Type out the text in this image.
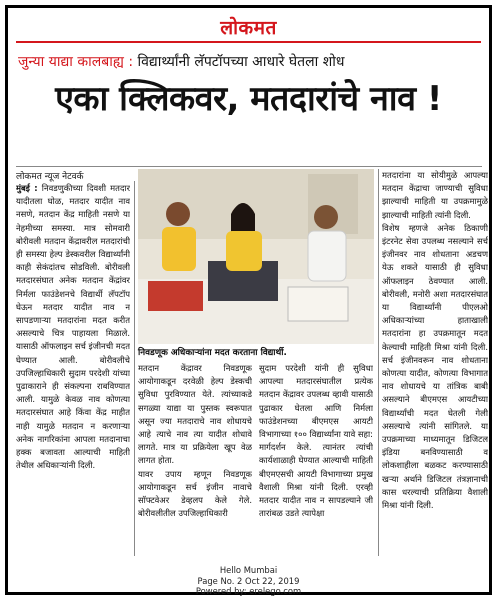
लोकमत
जुन्या याद्या कालबाह्य : विद्यार्थ्यांनी लॅपटॉपच्या आधारे घेतला शोध
एका क्लिकवर, मतदारांचे नाव !
लोकमत न्यूज नेटवर्क
मुंबई : निवडणुकीच्या दिवशी मतदार यादीतला घोळ, मतदार यादीत नाव नसणे, मतदान केंद्र माहिती नसणे या नेहमीच्या समस्या. मात्र सोमवारी बोरीवली मतदान केंद्रावरील मतदारांची ही समस्या हेल्प डेस्कवरील विद्यार्थ्यांनी काही सेकंदांतच सोडविली. बोरीवली मतदारसंघात अनेक मतदान केंद्रांवर निर्मला फाउंडेशनचे विद्यार्थी लॅपटॉप घेऊन मतदार यादीत नाव न सापडणाऱ्या मतदारांना मदत करीत असल्याचे चित्र पाहायला मिळाले. यासाठी ऑफलाइन सर्च इंजीनची मदत घेण्यात आली. बोरीवलीचे उपजिल्हाधिकारी सुदाम परदेशी यांच्या पुढाकाराने ही संकल्पना राबविण्यात आली. यामुळे केवळ नाव कोणत्या मतदारसंघात आहे किंवा केंद्र माहीत नाही यामुळे मतदान न करणाऱ्या अनेक नागरिकांना आपला मतदानाचा हक्क बजावता आल्याची माहिती तेथील अधिकाऱ्यांनी दिली.
निवडणूक अधिकाऱ्यांना मदत करताना विद्यार्थी.
मतदान केंद्रावर निवडणूक आयोगाकडून दरवेळी हेल्प डेस्कची सुविधा पुरविण्यात येते. त्यांच्याकडे सगळ्या याद्या या पुस्तक स्वरूपात असून ज्या मतदाराचे नाव शोधायचे आहे त्याचे नाव त्या यादीत शोधावे लागते. मात्र या प्रक्रियेला खूप वेळ लागत होता.
यावर उपाय म्हणून निवडणूक आयोगाकडून सर्च इंजीन नावाचे सॉफ्टवेअर डेव्हलप केले गेले. बोरीवलीतील उपजिल्हाधिकारी
सुदाम परदेशी यांनी ही सुविधा आपल्या मतदारसंघातील प्रत्येक मतदान केंद्रावर उपलब्ध व्हावी यासाठी पुढाकार घेतला आणि निर्मला फाउंडेशनच्या बीएमएस आयटी विभागाच्या १०० विद्यार्थ्यांना यावे सहा: मार्गदर्शन केले. त्यानंतर त्यांची कार्यशाळाही घेण्यात आल्याची माहिती बीएमएसची आयटी विभागाच्या प्रमुख वैशाली मिश्रा यांनी दिली. एरव्ही मतदार यादीत नाव न सापडल्याने जी तारांबळ उडते त्यापेक्षा
मतदारांना या सोयीमुळे आपल्या मतदान केंद्राचा जाण्याची सुविधा झाल्याची माहिती या उपक्रमामुळे झाल्याची माहिती त्यांनी दिली.
विशेष म्हणजे अनेक ठिकाणी इंटरनेट सेवा उपलब्ध नसल्याने सर्च इंजीनवर नाव शोधताना अडचण येऊ शकते यासाठी ही सुविधा ऑफलाइन ठेवण्यात आली. बोरीवली, मनोरी अशा मतदारसंघात या विद्यार्थ्यांनी पीएलओ अधिकाऱ्यांच्या हाताखाली मतदारांना हा उपक्रमातून मदत केल्याची माहिती मिश्रा यांनी दिली. सर्च इंजीनवरून नाव शोधताना कोणत्या यादीत, कोणत्या विभागात नाव शोधायचे या तांत्रिक बाबी असल्याने बीएमएस आयटीच्या विद्यार्थ्यांची मदत घेतली गेली असल्याचे त्यांनी सांगितले. या उपक्रमाच्या माध्यमातून डिजिटल इंडिया बनविण्यासाठी व लोकशाहीला बळकट करण्यासाठी खऱ्या अर्थाने डिजिटल तंत्रज्ञानाची कास धरल्याची प्रतिक्रिया वैशाली मिश्रा यांनी दिली.
Hello Mumbai
Page No. 2 Oct 22, 2019
Powered by: erelego.com
